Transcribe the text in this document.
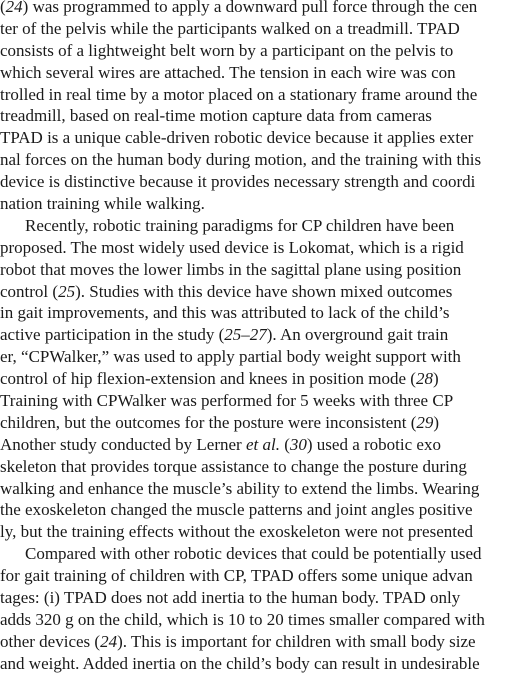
(24) was programmed to apply a downward pull force through the cen
ter of the pelvis while the participants walked on a treadmill. TPAD
consists of a lightweight belt worn by a participant on the pelvis to
which several wires are attached. The tension in each wire was con
trolled in real time by a motor placed on a stationary frame around the
treadmill, based on real-time motion capture data from cameras
TPAD is a unique cable-driven robotic device because it applies exter
nal forces on the human body during motion, and the training with this
device is distinctive because it provides necessary strength and coordi
nation training while walking.
Recently, robotic training paradigms for CP children have been
proposed. The most widely used device is Lokomat, which is a rigid
robot that moves the lower limbs in the sagittal plane using position
control (25). Studies with this device have shown mixed outcomes
in gait improvements, and this was attributed to lack of the child’s
active participation in the study (25–27). An overground gait train
er, “CPWalker,” was used to apply partial body weight support with
control of hip flexion-extension and knees in position mode (28)
Training with CPWalker was performed for 5 weeks with three CP
children, but the outcomes for the posture were inconsistent (29)
Another study conducted by Lerner et al. (30) used a robotic exo
skeleton that provides torque assistance to change the posture during
walking and enhance the muscle’s ability to extend the limbs. Wearing
the exoskeleton changed the muscle patterns and joint angles positive
ly, but the training effects without the exoskeleton were not presented
Compared with other robotic devices that could be potentially used
for gait training of children with CP, TPAD offers some unique advan
tages: (i) TPAD does not add inertia to the human body. TPAD only
adds 320 g on the child, which is 10 to 20 times smaller compared with
other devices (24). This is important for children with small body size
and weight. Added inertia on the child’s body can result in undesirable
